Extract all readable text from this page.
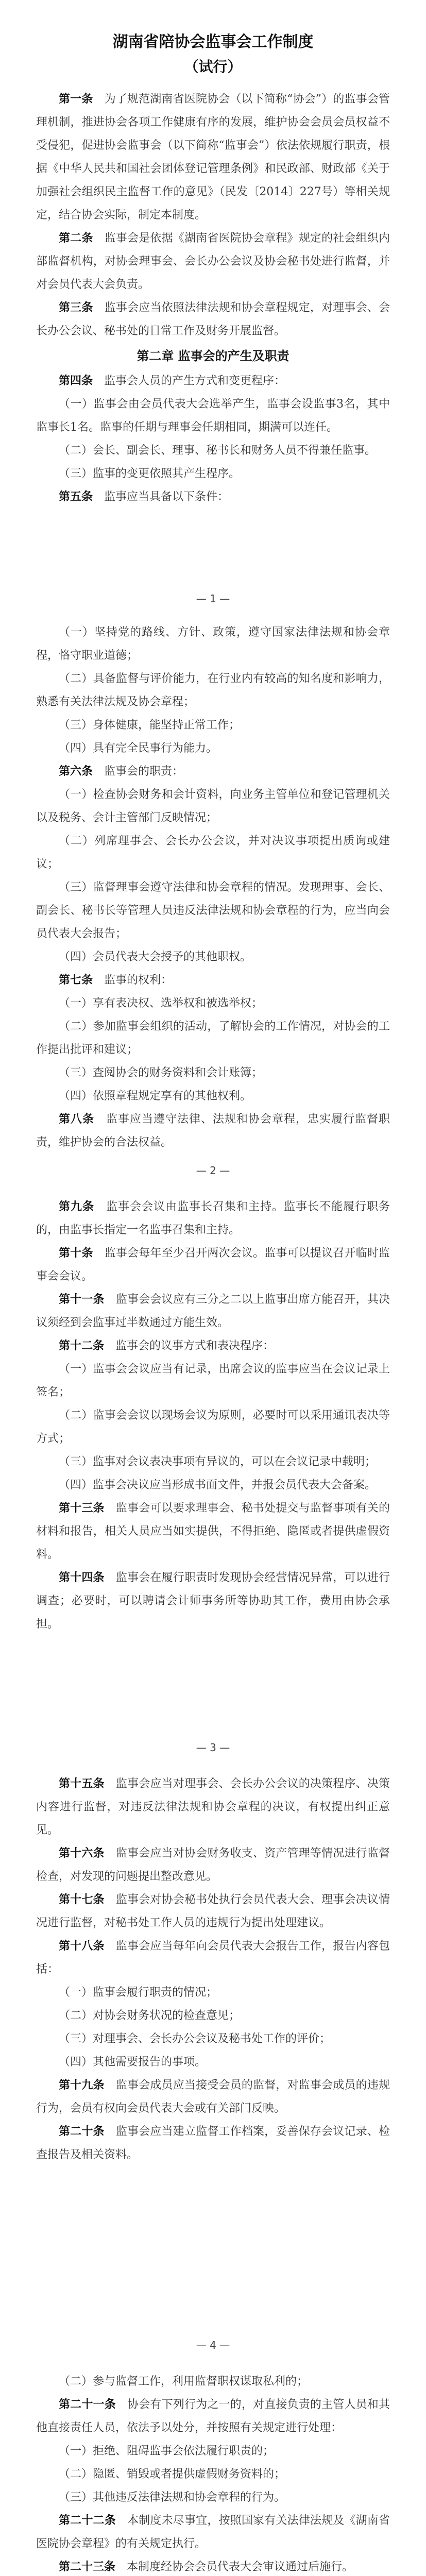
湖南省陪协会监事会工作制度
（试行）

第一条　 为了规范湖南省医院协会（以下简称“协会”）的监事会管理机制，推进协会各项工作健康有序的发展，维护协会会员会员权益不受侵犯，促进协会监事会（以下简称“监事会”）依法依规履行职责，根据《中华人民共和国社会团体登记管理条例》和民政部、财政部《关于加强社会组织民主监督工作的意见》（民发〔2014〕227号）等相关规定，结合协会实际，制定本制度。

第二条　 监事会是依据《湖南省医院协会章程》规定的社会组织内部监督机构，对协会理事会、会长办公会议及协会秘书处进行监督，并对会员代表大会负责。

第三条　 监事会应当依照法律法规和协会章程规定，对理事会、会长办公会议、秘书处的日常工作及财务开展监督。

第二章 监事会的产生及职责

第四条　 监事会人员的产生方式和变更程序：

（一）监事会由会员代表大会选举产生，监事会设监事3名，其中监事长1名。监事的任期与理事会任期相同，期满可以连任。

（二）会长、副会长、理事、秘书长和财务人员不得兼任监事。

（三）监事的变更依照其产生程序。

第五条　 监事应当具备以下条件：

— 1 —

（一）坚持党的路线、方针、政策，遵守国家法律法规和协会章程，恪守职业道德；

（二）具备监督与评价能力，在行业内有较高的知名度和影响力，熟悉有关法律法规及协会章程；

（三）身体健康，能坚持正常工作；

（四）具有完全民事行为能力。

第六条　 监事会的职责：

（一）检查协会财务和会计资料，向业务主管单位和登记管理机关以及税务、会计主管部门反映情况；

（二）列席理事会、会长办公会议，并对决议事项提出质询或建议；

（三）监督理事会遵守法律和协会章程的情况。发现理事、会长、副会长、秘书长等管理人员违反法律法规和协会章程的行为，应当向会员代表大会报告；

（四）会员代表大会授予的其他职权。

第七条　 监事的权利：

（一）享有表决权、选举权和被选举权；

（二）参加监事会组织的活动，了解协会的工作情况，对协会的工作提出批评和建议；

（三）查阅协会的财务资料和会计账簿；

（四）依照章程规定享有的其他权利。

第八条　 监事应当遵守法律、法规和协会章程，忠实履行监督职责，维护协会的合法权益。

— 2 —

第九条　 监事会会议由监事长召集和主持。监事长不能履行职务的，由监事长指定一名监事召集和主持。

第十条　 监事会每年至少召开两次会议。监事可以提议召开临时监事会会议。

第十一条　 监事会会议应有三分之二以上监事出席方能召开，其决议须经到会监事过半数通过方能生效。

第十二条　 监事会的议事方式和表决程序：

（一）监事会会议应当有记录，出席会议的监事应当在会议记录上签名；

（二）监事会会议以现场会议为原则，必要时可以采用通讯表决等方式；

（三）监事对会议表决事项有异议的，可以在会议记录中载明；

（四）监事会决议应当形成书面文件，并报会员代表大会备案。

第十三条　 监事会可以要求理事会、秘书处提交与监督事项有关的材料和报告，相关人员应当如实提供，不得拒绝、隐匿或者提供虚假资料。

第十四条　 监事会在履行职责时发现协会经营情况异常，可以进行调查；必要时，可以聘请会计师事务所等协助其工作，费用由协会承担。

— 3 —

第十五条　 监事会应当对理事会、会长办公会议的决策程序、决策内容进行监督，对违反法律法规和协会章程的决议，有权提出纠正意见。

第十六条　 监事会应当对协会财务收支、资产管理等情况进行监督检查，对发现的问题提出整改意见。

第十七条　 监事会对协会秘书处执行会员代表大会、理事会决议情况进行监督，对秘书处工作人员的违规行为提出处理建议。

第十八条　 监事会应当每年向会员代表大会报告工作，报告内容包括：

（一）监事会履行职责的情况；

（二）对协会财务状况的检查意见；

（三）对理事会、会长办公会议及秘书处工作的评价；

（四）其他需要报告的事项。

第十九条　 监事会成员应当接受会员的监督，对监事会成员的违规行为，会员有权向会员代表大会或有关部门反映。

第二十条　 监事会应当建立监督工作档案，妥善保存会议记录、检查报告及相关资料。

— 4 —

（二）参与监督工作，利用监督职权谋取私利的；

第二十一条　 协会有下列行为之一的，对直接负责的主管人员和其他直接责任人员，依法予以处分，并按照有关规定进行处理：

（一）拒绝、阻碍监事会依法履行职责的；

（二）隐匿、销毁或者提供虚假财务资料的；

（三）其他违反法律法规和协会章程的行为。

第二十二条　 本制度未尽事宜，按照国家有关法律法规及《湖南省医院协会章程》的有关规定执行。

第二十三条　 本制度经协会会员代表大会审议通过后施行。
